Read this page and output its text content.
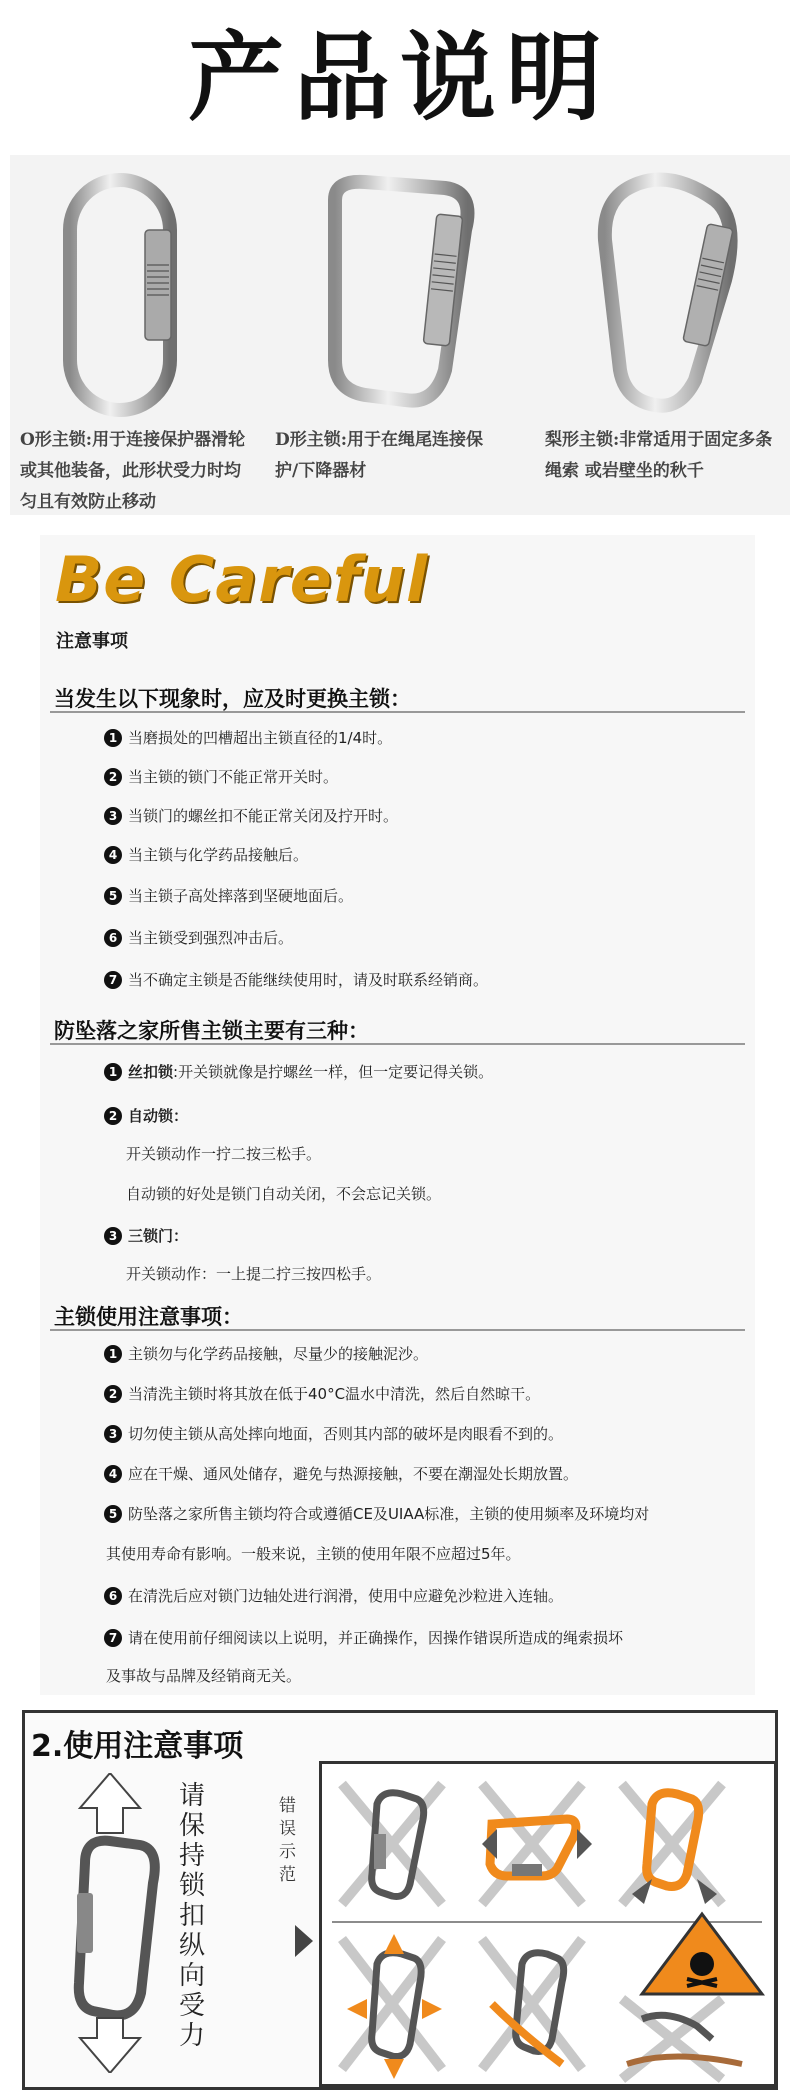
产品说明
O形主锁:用于连接保护器滑轮或其他装备，此形状受力时均匀且有效防止移动
D形主锁:用于在绳尾连接保护/下降器材
梨形主锁:非常适用于固定多条绳索 或岩壁坐的秋千
Be Careful
注意事项
当发生以下现象时，应及时更换主锁：
1 当磨损处的凹槽超出主锁直径的1/4时。
2 当主锁的锁门不能正常开关时。
3 当锁门的螺丝扣不能正常关闭及拧开时。
4 当主锁与化学药品接触后。
5 当主锁子高处摔落到坚硬地面后。
6 当主锁受到强烈冲击后。
7 当不确定主锁是否能继续使用时，请及时联系经销商。
防坠落之家所售主锁主要有三种：
1 丝扣锁 :开关锁就像是拧螺丝一样，但一定要记得关锁。
2 自动锁：
开关锁动作一拧二按三松手。
自动锁的好处是锁门自动关闭，不会忘记关锁。
3 三锁门：
开关锁动作：一上提二拧三按四松手。
主锁使用注意事项：
1 主锁勿与化学药品接触，尽量少的接触泥沙。
2 当清洗主锁时将其放在低于40°C温水中清洗，然后自然晾干。
3 切勿使主锁从高处摔向地面，否则其内部的破坏是肉眼看不到的。
4 应在干燥、通风处储存，避免与热源接触，不要在潮湿处长期放置。
5 防坠落之家所售主锁均符合或遵循CE及UIAA标准，主锁的使用频率及环境均对
其使用寿命有影响。一般来说，主锁的使用年限不应超过5年。
6 在清洗后应对锁门边轴处进行润滑，使用中应避免沙粒进入连轴。
7 请在使用前仔细阅读以上说明，并正确操作，因操作错误所造成的绳索损坏
及事故与品牌及经销商无关。
2.使用注意事项
请保持锁扣纵向受力
错误示范
